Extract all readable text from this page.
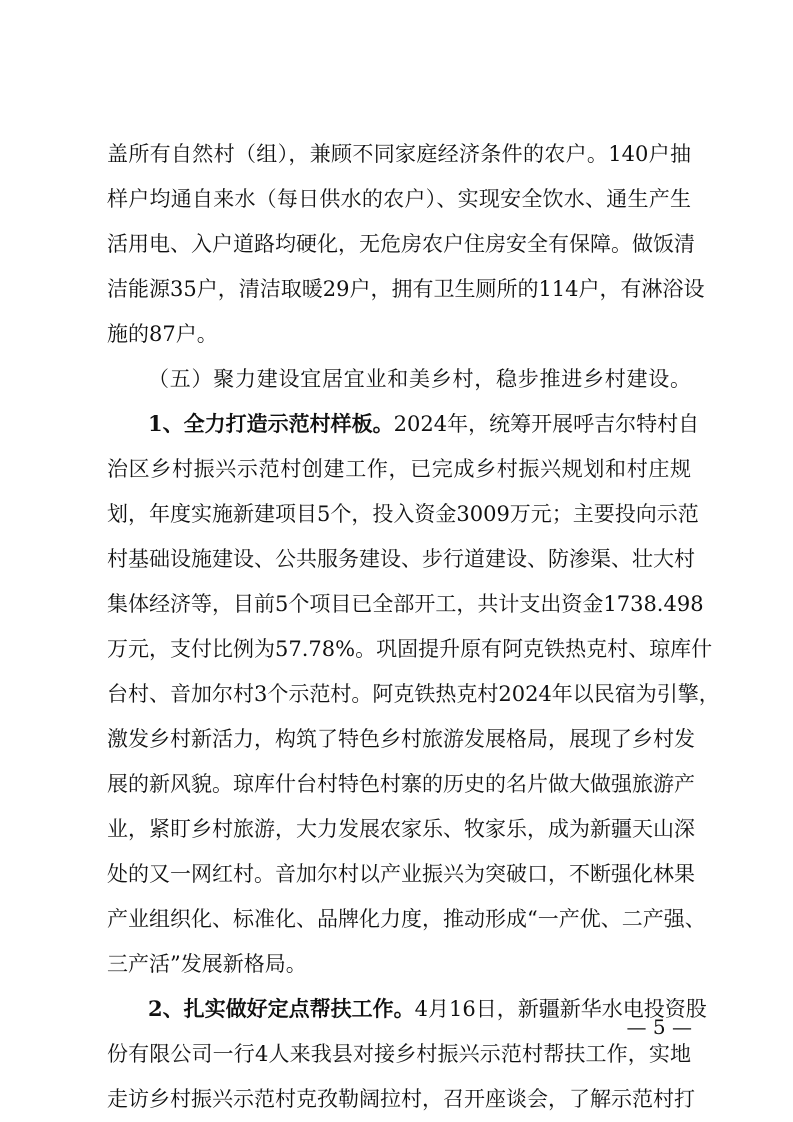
盖所有自然村（组），兼顾不同家庭经济条件的农户。140户抽
样户均通自来水（每日供水的农户）、实现安全饮水、通生产生
活用电、入户道路均硬化，无危房农户住房安全有保障。做饭清
洁能源35户，清洁取暖29户，拥有卫生厕所的114户，有淋浴设
施的87户。
（五）聚力建设宜居宜业和美乡村，稳步推进乡村建设。
1、全力打造示范村样板。2024年，统筹开展呼吉尔特村自
治区乡村振兴示范村创建工作，已完成乡村振兴规划和村庄规
划，年度实施新建项目5个，投入资金3009万元；主要投向示范
村基础设施建设、公共服务建设、步行道建设、防渗渠、壮大村
集体经济等，目前5个项目已全部开工，共计支出资金1738.498
万元，支付比例为57.78%。巩固提升原有阿克铁热克村、琼库什
台村、音加尔村3个示范村。阿克铁热克村2024年以民宿为引擎，
激发乡村新活力，构筑了特色乡村旅游发展格局，展现了乡村发
展的新风貌。琼库什台村特色村寨的历史的名片做大做强旅游产
业，紧盯乡村旅游，大力发展农家乐、牧家乐，成为新疆天山深
处的又一网红村。音加尔村以产业振兴为突破口，不断强化林果
产业组织化、标准化、品牌化力度，推动形成“一产优、二产强、
三产活”发展新格局。
2、扎实做好定点帮扶工作。4月16日，新疆新华水电投资股
份有限公司一行4人来我县对接乡村振兴示范村帮扶工作，实地
走访乡村振兴示范村克孜勒阔拉村，召开座谈会，了解示范村打
— 5 —
